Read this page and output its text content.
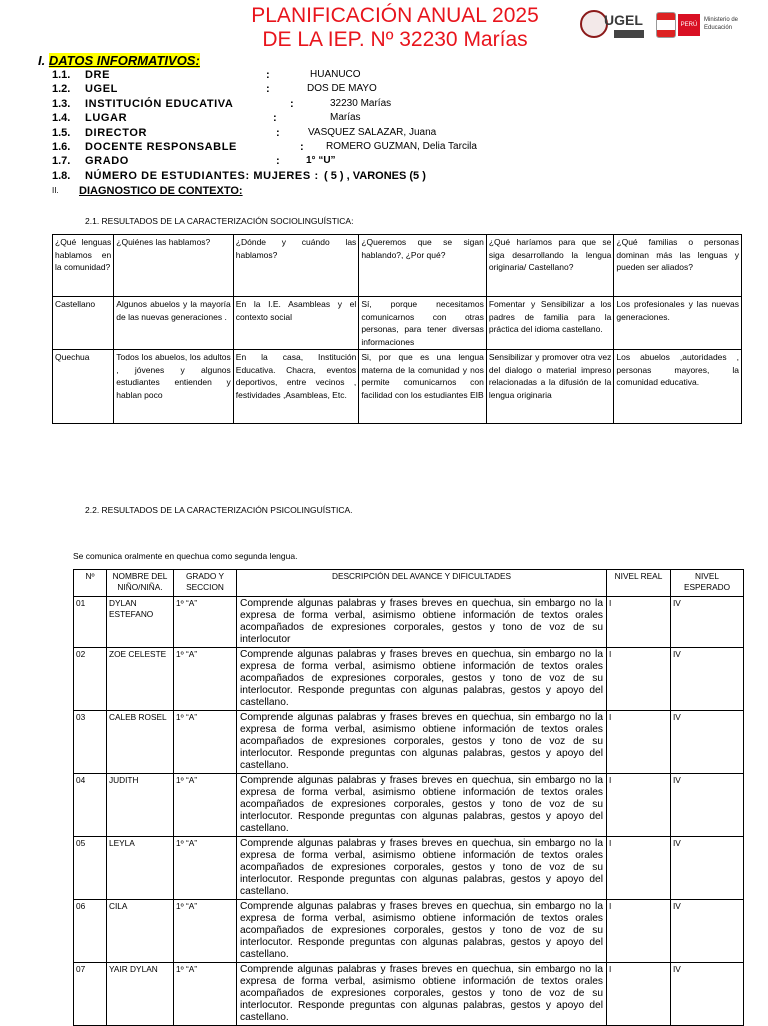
PLANIFICACIÓN ANUAL 2025
DE LA IEP. Nº 32230 Marías
UGEL	PERÚ
Ministerio de Educación
I. DATOS INFORMATIVOS:
1.1. DRE	:	HUANUCO
1.2. UGEL	:	DOS DE MAYO
1.3. INSTITUCIÓN EDUCATIVA	:	32230 Marías
1.4. LUGAR	:	Marías
1.5. DIRECTOR	:	VASQUEZ SALAZAR, Juana
1.6. DOCENTE RESPONSABLE	: ROMERO GUZMAN, Delia Tarcila
1.7. GRADO	:	1° “U”
1.8. NÚMERO DE ESTUDIANTES: MUJERES : ( 5 ) , VARONES (5 )
II. DIAGNOSTICO DE CONTEXTO:
2.1. RESULTADOS DE LA CARACTERIZACIÓN SOCIOLINGUÍSTICA:
¿Qué lenguas hablamos en la comunidad?	¿Quiénes las hablamos?	¿Dónde y cuándo las hablamos?	¿Queremos que se sigan hablando?, ¿Por qué?	¿Qué haríamos para que se siga desarrollando la lengua originaria/ Castellano?	¿Qué familias o personas dominan más las lenguas y pueden ser aliados?
Castellano	Algunos abuelos y la mayoría de las nuevas generaciones .	En la I.E. Asambleas y el contexto social	Sí, porque necesitamos comunicarnos con otras personas, para tener diversas informaciones	Fomentar y Sensibilizar a los padres de familia para la práctica del idioma castellano.	Los profesionales y las nuevas generaciones.
Quechua	Todos los abuelos, los adultos , jóvenes y algunos estudiantes entienden y hablan poco	En la casa, Institución Educativa. Chacra, eventos deportivos, entre vecinos , festividades ,Asambleas, Etc.	Si, por que es una lengua materna de la comunidad y nos permite comunicarnos con facilidad con los estudiantes EIB	Sensibilizar y promover otra vez del dialogo o material impreso relacionadas a la difusión de la lengua originaria	Los abuelos ,autoridades , personas mayores, la comunidad educativa.
2.2. RESULTADOS DE LA CARACTERIZACIÓN PSICOLINGUÍSTICA.
Se comunica oralmente en quechua como segunda lengua.
Nº	NOMBRE DEL NIÑO/NIÑA.	GRADO Y SECCION	DESCRIPCIÓN DEL AVANCE Y DIFICULTADES	NIVEL REAL	NIVEL ESPERADO
01	DYLAN ESTEFANO	1º “A”	Comprende algunas palabras y frases breves en quechua, sin embargo no la expresa de forma verbal, asimismo obtiene información de textos orales acompañados de expresiones corporales, gestos y tono de voz de su interlocutor	I	IV
02	ZOE CELESTE	1º “A”	Comprende algunas palabras y frases breves en quechua, sin embargo no la expresa de forma verbal, asimismo obtiene información de textos orales acompañados de expresiones corporales, gestos y tono de voz de su interlocutor. Responde preguntas con algunas palabras, gestos y apoyo del castellano.	I	IV
03	CALEB ROSEL	1º “A”	Comprende algunas palabras y frases breves en quechua, sin embargo no la expresa de forma verbal, asimismo obtiene información de textos orales acompañados de expresiones corporales, gestos y tono de voz de su interlocutor. Responde preguntas con algunas palabras, gestos y apoyo del castellano.	I	IV
04	JUDITH	1º “A”	Comprende algunas palabras y frases breves en quechua, sin embargo no la expresa de forma verbal, asimismo obtiene información de textos orales acompañados de expresiones corporales, gestos y tono de voz de su interlocutor. Responde preguntas con algunas palabras, gestos y apoyo del castellano.	I	IV
05	LEYLA	1º “A”	Comprende algunas palabras y frases breves en quechua, sin embargo no la expresa de forma verbal, asimismo obtiene información de textos orales acompañados de expresiones corporales, gestos y tono de voz de su interlocutor. Responde preguntas con algunas palabras, gestos y apoyo del castellano.	I	IV
06	CILA	1º “A”	Comprende algunas palabras y frases breves en quechua, sin embargo no la expresa de forma verbal, asimismo obtiene información de textos orales acompañados de expresiones corporales, gestos y tono de voz de su interlocutor. Responde preguntas con algunas palabras, gestos y apoyo del castellano.	I	IV
07	YAIR DYLAN	1º “A”	Comprende algunas palabras y frases breves en quechua, sin embargo no la expresa de forma verbal, asimismo obtiene información de textos orales acompañados de expresiones corporales, gestos y tono de voz de su interlocutor. Responde preguntas con algunas palabras, gestos y apoyo del castellano.	I	IV
